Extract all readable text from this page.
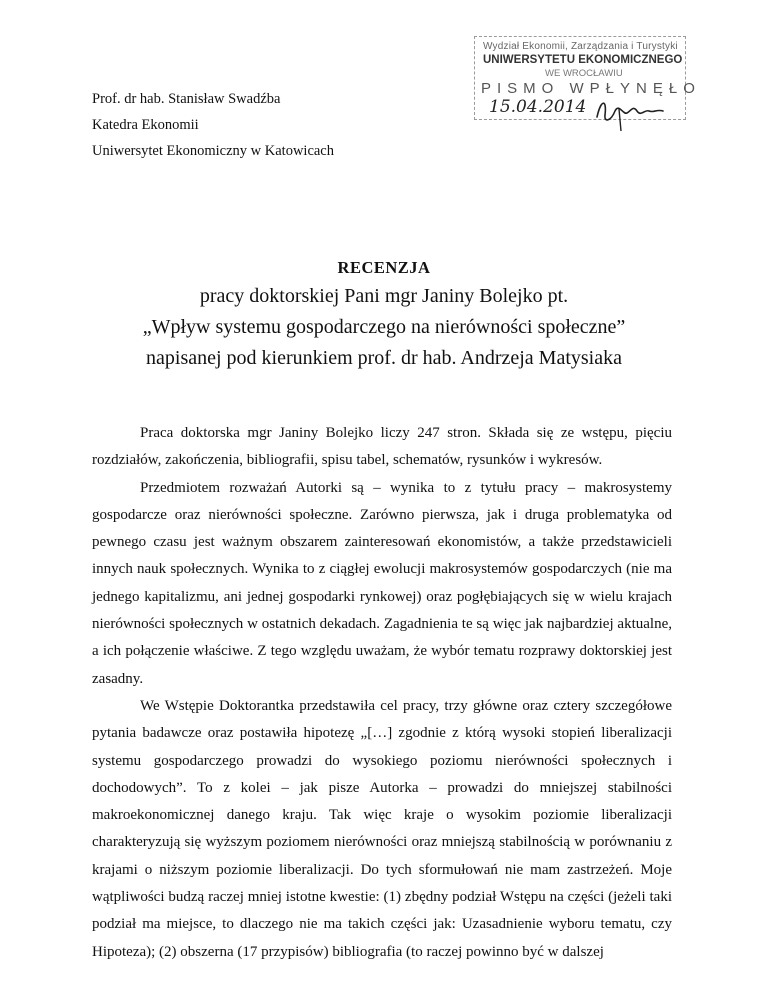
Wydział Ekonomii, Zarządzania i Turystyki
UNIWERSYTETU EKONOMICZNEGO
WE WROCŁAWIU
PISMO WPŁYNĘŁO
15.04.2014
Prof. dr hab. Stanisław Swadźba
Katedra Ekonomii
Uniwersytet Ekonomiczny w Katowicach
RECENZJA
pracy doktorskiej Pani mgr Janiny Bolejko pt.
„Wpływ systemu gospodarczego na nierówności społeczne”
napisanej pod kierunkiem prof. dr hab. Andrzeja Matysiaka

Praca doktorska mgr Janiny Bolejko liczy 247 stron. Składa się ze wstępu, pięciu rozdziałów, zakończenia, bibliografii, spisu tabel, schematów, rysunków i wykresów.

Przedmiotem rozważań Autorki są – wynika to z tytułu pracy – makrosystemy gospodarcze oraz nierówności społeczne. Zarówno pierwsza, jak i druga problematyka od pewnego czasu jest ważnym obszarem zainteresowań ekonomistów, a także przedstawicieli innych nauk społecznych. Wynika to z ciągłej ewolucji makrosystemów gospodarczych (nie ma jednego kapitalizmu, ani jednej gospodarki rynkowej) oraz pogłębiających się w wielu krajach nierówności społecznych w ostatnich dekadach. Zagadnienia te są więc jak najbardziej aktualne, a ich połączenie właściwe. Z tego względu uważam, że wybór tematu rozprawy doktorskiej jest zasadny.

We Wstępie Doktorantka przedstawiła cel pracy, trzy główne oraz cztery szczegółowe pytania badawcze oraz postawiła hipotezę „[…] zgodnie z którą wysoki stopień liberalizacji systemu gospodarczego prowadzi do wysokiego poziomu nierówności społecznych i dochodowych”. To z kolei – jak pisze Autorka – prowadzi do mniejszej stabilności makroekonomicznej danego kraju. Tak więc kraje o wysokim poziomie liberalizacji charakteryzują się wyższym poziomem nierówności oraz mniejszą stabilnością w porównaniu z krajami o niższym poziomie liberalizacji. Do tych sformułowań nie mam zastrzeżeń. Moje wątpliwości budzą raczej mniej istotne kwestie: (1) zbędny podział Wstępu na części (jeżeli taki podział ma miejsce, to dlaczego nie ma takich części jak: Uzasadnienie wyboru tematu, czy Hipoteza); (2) obszerna (17 przypisów) bibliografia (to raczej powinno być w dalszej
